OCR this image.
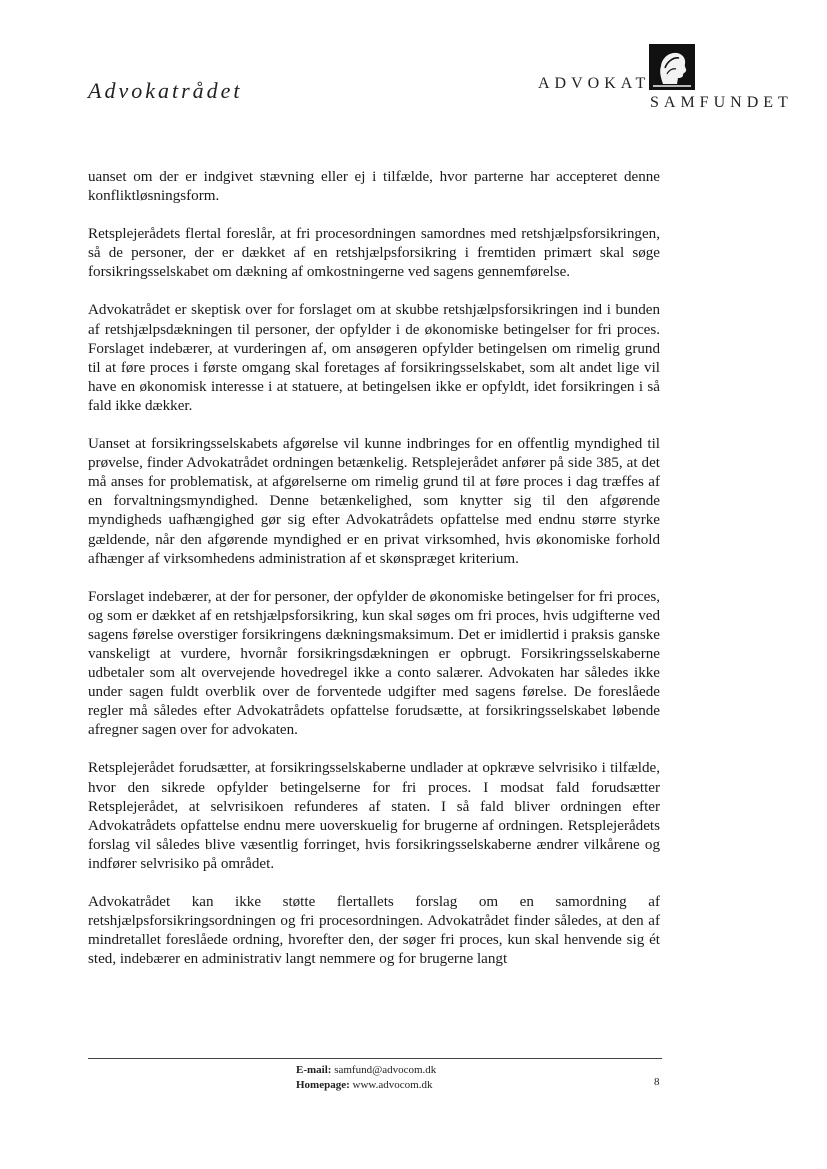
Advokatrådet	ADVOKAT
SAMFUNDET

uanset om der er indgivet stævning eller ej i tilfælde, hvor parterne har accepteret denne konfliktløsningsform.

Retsplejerådets flertal foreslår, at fri procesordningen samordnes med retshjælpsforsikringen, så de personer, der er dækket af en retshjælpsforsikring i fremtiden primært skal søge forsikringsselskabet om dækning af omkostningerne ved sagens gennemførelse.

Advokatrådet er skeptisk over for forslaget om at skubbe retshjælpsforsikringen ind i bunden af retshjælpsdækningen til personer, der opfylder i de økonomiske betingelser for fri proces. Forslaget indebærer, at vurderingen af, om ansøgeren opfylder betingelsen om rimelig grund til at føre proces i første omgang skal foretages af forsikringsselskabet, som alt andet lige vil have en økonomisk interesse i at statuere, at betingelsen ikke er opfyldt, idet forsikringen i så fald ikke dækker.

Uanset at forsikringsselskabets afgørelse vil kunne indbringes for en offentlig myndighed til prøvelse, finder Advokatrådet ordningen betænkelig. Retsplejerådet anfører på side 385, at det må anses for problematisk, at afgørelserne om rimelig grund til at føre proces i dag træffes af en forvaltningsmyndighed. Denne betænkelighed, som knytter sig til den afgørende myndigheds uafhængighed gør sig efter Advokatrådets opfattelse med endnu større styrke gældende, når den afgørende myndighed er en privat virksomhed, hvis økonomiske forhold afhænger af virksomhedens administration af et skønspræget kriterium.

Forslaget indebærer, at der for personer, der opfylder de økonomiske betingelser for fri proces, og som er dækket af en retshjælpsforsikring, kun skal søges om fri proces, hvis udgifterne ved sagens førelse overstiger forsikringens dækningsmaksimum. Det er imidlertid i praksis ganske vanskeligt at vurdere, hvornår forsikringsdækningen er opbrugt. Forsikringsselskaberne udbetaler som alt overvejende hovedregel ikke a conto salærer. Advokaten har således ikke under sagen fuldt overblik over de forventede udgifter med sagens førelse. De foreslåede regler må således efter Advokatrådets opfattelse forudsætte, at forsikringsselskabet løbende afregner sagen over for advokaten.

Retsplejerådet forudsætter, at forsikringsselskaberne undlader at opkræve selvrisiko i tilfælde, hvor den sikrede opfylder betingelserne for fri proces. I modsat fald forudsætter Retsplejerådet, at selvrisikoen refunderes af staten. I så fald bliver ordningen efter Advokatrådets opfattelse endnu mere uoverskuelig for brugerne af ordningen. Retsplejerådets forslag vil således blive væsentlig forringet, hvis forsikringsselskaberne ændrer vilkårene og indfører selvrisiko på området.

Advokatrådet kan ikke støtte flertallets forslag om en samordning af retshjælpsforsikringsordningen og fri procesordningen. Advokatrådet finder således, at den af mindretallet foreslåede ordning, hvorefter den, der søger fri proces, kun skal henvende sig ét sted, indebærer en administrativ langt nemmere og for brugerne langt

E-mail: samfund@advocom.dk
Homepage: www.advocom.dk	8
